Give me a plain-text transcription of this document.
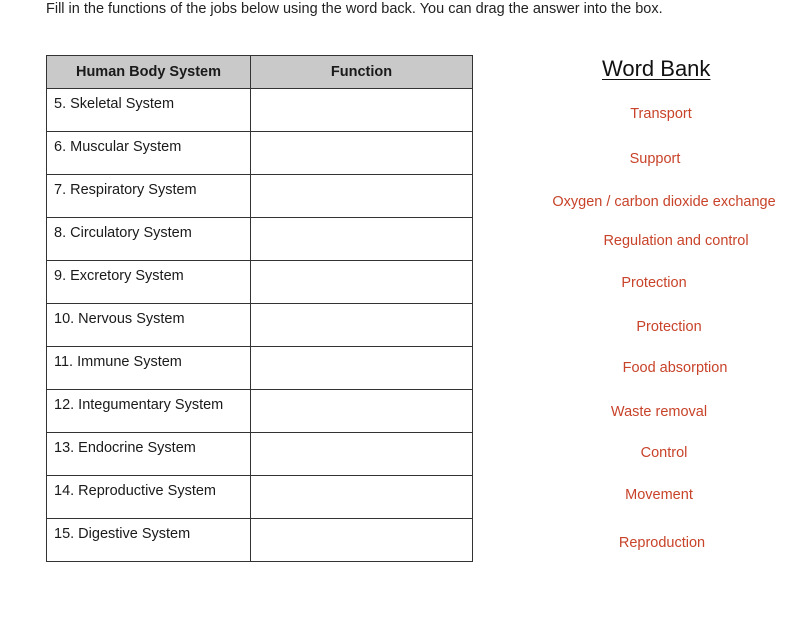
Fill in the functions of the jobs below using the word back. You can drag the answer into the box.
Human Body System	Function
5. Skeletal System	
6. Muscular System	
7. Respiratory System	
8. Circulatory System	
9. Excretory System	
10. Nervous System	
11. Immune System	
12. Integumentary System	
13. Endocrine System	
14. Reproductive System	
15. Digestive System	
Word Bank
Transport
Support
Oxygen / carbon dioxide exchange
Regulation and control
Protection
Protection
Food absorption
Waste removal
Control
Movement
Reproduction
